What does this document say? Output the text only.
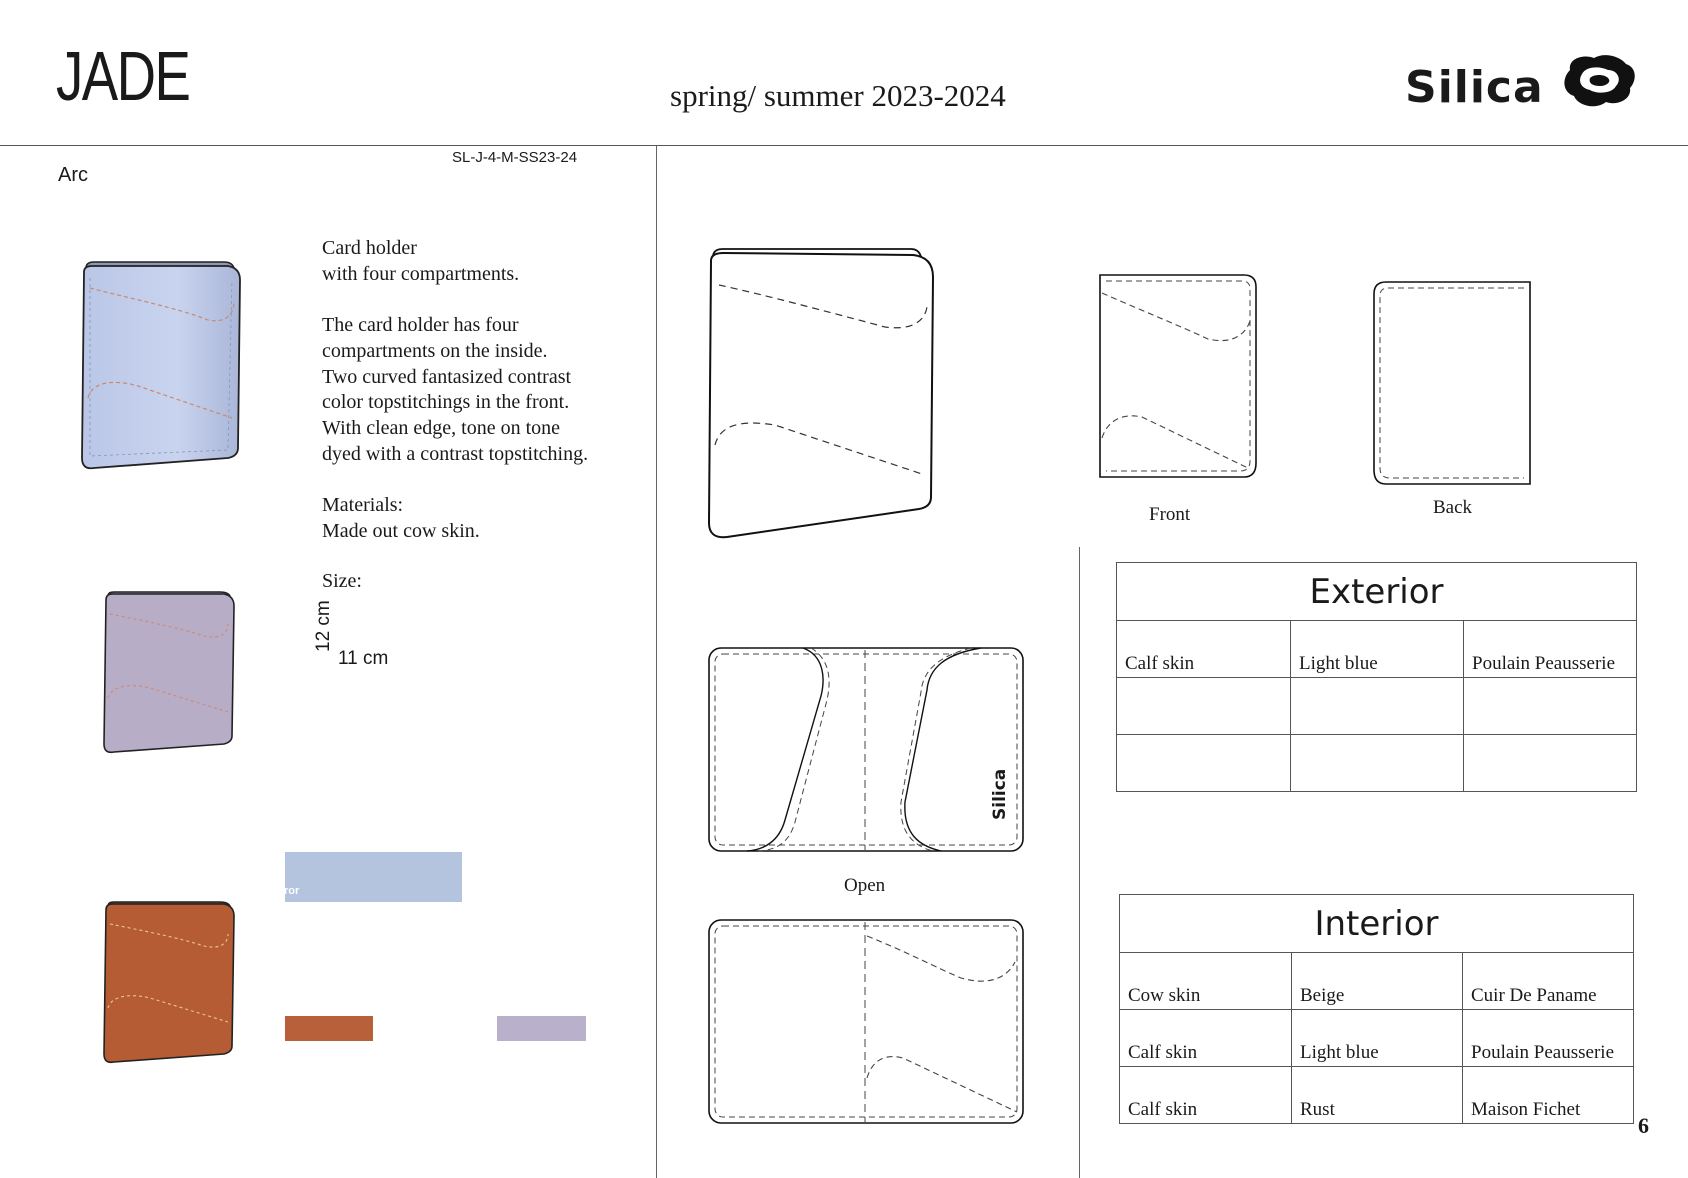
JADE	spring/ summer 2023-2024	Silica
Arc
SL-J-4-M-SS23-24

Card holder
with four compartments.

The card holder has four
compartments on the inside.
Two curved fantasized contrast
color topstitchings in the front.
With clean edge, tone on tone
dyed with a contrast topstitching.

Materials:
Made out cow skin.

Size:
12 cm
11 cm
ror
Front	Back
Silica
Open
Exterior		
Calf skin	Light blue	Poulain Peausserie

Interior		
Cow skin	Beige	Cuir De Paname
Calf skin	Light blue	Poulain Peausserie
Calf skin	Rust	Maison Fichet
6
